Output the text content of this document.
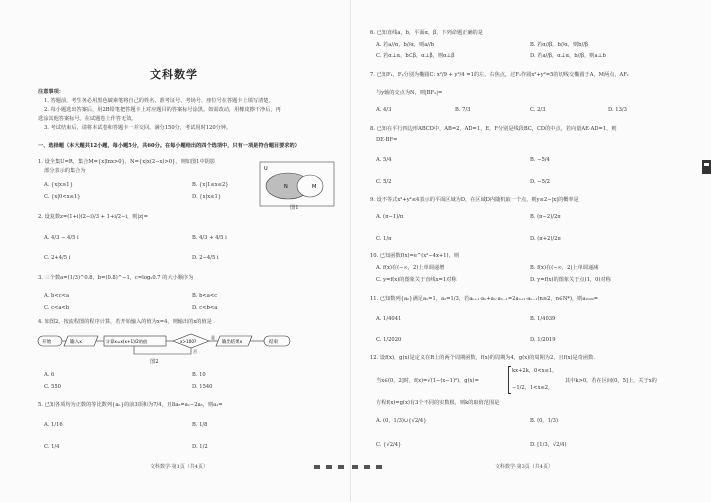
文科数学
注意事项：
1. 答题前，考生务必用黑色碳素笔将自己的姓名、准考证号、考场号、座位号在答题卡上填写清楚。
2. 每小题选出答案后，用2B铅笔把答题卡上对应题目的答案标号涂黑。如需改动，用橡皮擦干净后，再
选涂其他答案标号。在试题卷上作答无效。
3. 考试结束后，请将本试卷和答题卡一并交回。满分150分，考试用时120分钟。
一、选择题（本大题共12小题，每小题5分，共60分。在每小题给出的四个选项中，只有一项是符合题目要求的）
1. 设全集U=R，集合M={x|lnx>0}，N={x|x(2−x)>0}，则如图1中阴影
部分表示的集合为
A. {x|x≥1}	B. {x|1≤x≤2}
C. {x|0<x≤1}	D. {x|x≤1}
U
N	M
图1
2. 设复数z=(1+i)(2−i)/3 + 1+i/2−i，则|z|=
A. 4/3 − 4/5 i	B. 4/3 + 4/5 i
C. 2+4/5 i	D. 2−4/5 i
3. 三个数a=(1/3)^0.8，b=(0.8)^−1，c=log₂0.7 的大小顺序为
A. b<c<a	B. b<a<c
C. c<a<b	D. c<b<a
4. 如图2，按流程图的程序计算，若开始输入的值为x=4，则输出的x的值是
开始	输入x	计算x=x(x+1)/2的值	x>100?
是
否
输出结果x	结束
图2
A. 6	B. 10
C. 550	D. 1540
5. 已知各项均为正数的等比数列{aₙ}的前3项和为7/4，且8a₅=a₁−2a₃，则a₁=
A. 1/16	B. 1/8
C. 1/4	D. 1/2
文科数学·第1页（共4页）
6. 已知直线a，b，平面α，β，下列命题正确的是
A. 若a//α，b//α，则a//b	B. 若α//β，b//α，则b//β
C. 若α⊥α，b⊂β，α⊥β，则α⊥β	D. 若a//β，α⊥α，b//β，则a⊥b
7. 已知F₁，F₂分别为椭圆C: x²/9 + y²/4 =1的左、右焦点，过F₁作圆x²+y²=5的切线交椭圆于A，M两点，AF₁
与y轴的交点为N，则|BF₂|=
A. 4/3	B. 7/3	C. 2/3	D. 13/3
8. 已知在平行四边形ABCD中，AB=2，AD=1，E，F分别是线段BC，CD的中点，若向量AE·AD=1，则
DE·BF=
A. 5/4	B. −5/4
C. 5/2	D. −5/2
9. 设不等式x²+y²≤4表示的平面区域为D，在区域D内随机取一个点，则y≤2−|x|的概率是
A. (π−1)/π	B. (π−2)/2π
C. 1/π	D. (π+2)/2π
10. 已知函数f(x)=e^(x²−4x+1)，则
A. f(x)在(−∞，2)上单调递增	B. f(x)在(−∞，2)上单调递减
C. y=f(x)的图象关于直线x=1对称	D. y=f(x)的图象关于点(1，0)对称
11. 已知数列{aₙ}满足a₁=1，a₂=1/3，若aₙ₊₁·aₙ+aₙ·aₙ₋₁=2aₙ₊₁·aₙ₋₁(n≥2，n∈N*)，则a₂₀₂₀=
A. 1/4041	B. 1/4039
C. 1/2020	D. 1/2019
12. 设f(x)，g(x)是定义在R上的两个周期函数，f(x)的周期为4，g(x)的周期为2，且f(x)是奇函数.
当x∈(0，2]时，f(x)=√(1−(x−1)²)，g(x)=
kx+2k，0<x≤1,
−1/2，1<x≤2,
其中k>0，若在区间(0，5]上，关于x的
方程f(x)=g(x)有3个不同的实数根，则k的取值范围是
A. (0，1/3)∪{√2/4}	B. (0，1/3)
C. {√2/4}	D. [1/3，√2/4)
文科数学·第3页（共4页）
